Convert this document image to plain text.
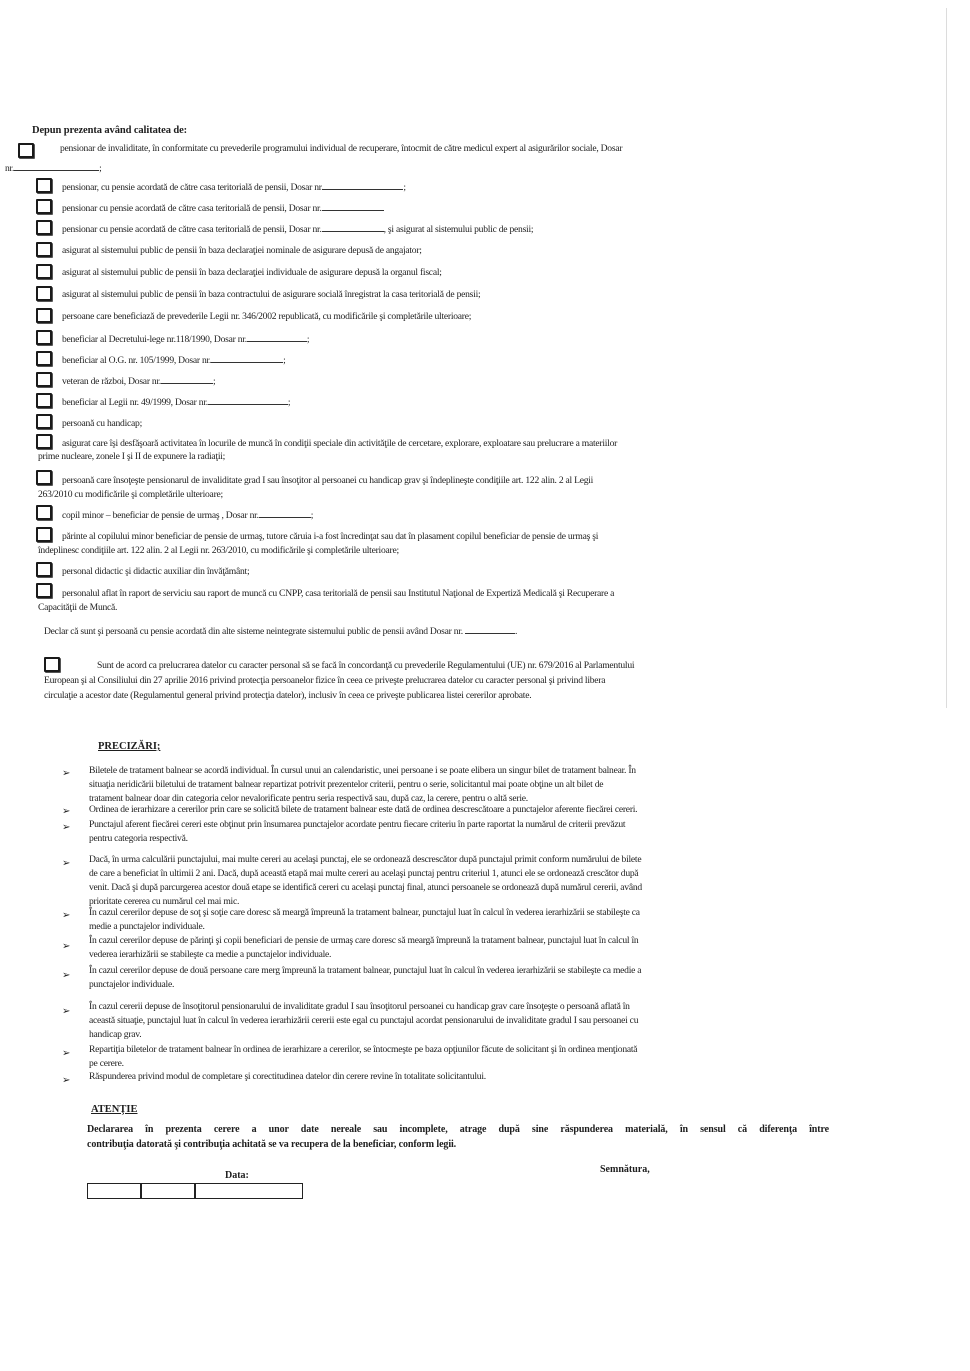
Depun prezenta având calitatea de:
pensionar de invaliditate, în conformitate cu prevederile programului individual de recuperare, întocmit de către medicul expert al asigurărilor sociale, Dosar
nr.	;
pensionar, cu pensie acordată de către casa teritorială de pensii, Dosar nr.	;
pensionar cu pensie acordată de către casa teritorială de pensii, Dosar nr.
pensionar cu pensie acordată de către casa teritorială de pensii, Dosar nr.	, şi asigurat al sistemului public de pensii;
asigurat al sistemului public de pensii în baza declaraţiei nominale de asigurare depusă de angajator;
asigurat al sistemului public de pensii în baza declaraţiei individuale de asigurare depusă la organul fiscal;
asigurat al sistemului public de pensii în baza contractului de asigurare socială înregistrat la casa teritorială de pensii;
persoane care beneficiază de prevederile Legii nr. 346/2002 republicată, cu modificările şi completările ulterioare;
beneficiar al Decretului-lege nr.118/1990, Dosar nr.	;
beneficiar al O.G. nr. 105/1999, Dosar nr.	;
veteran de război, Dosar nr.	;
beneficiar al Legii nr. 49/1999, Dosar nr.	;
persoană cu handicap;
asigurat care îşi desfăşoară activitatea în locurile de muncă în condiţii speciale din activităţile de cercetare, explorare, exploatare sau prelucrare a materiilor
prime nucleare, zonele I şi II de expunere la radiaţii;
persoană care însoţeşte pensionarul de invaliditate grad I sau însoţitor al persoanei cu handicap grav şi îndeplineşte condiţiile art. 122 alin. 2 al Legii
263/2010 cu modificările şi completările ulterioare;
copil minor – beneficiar de pensie de urmaş , Dosar nr.	;
părinte al copilului minor beneficiar de pensie de urmaş, tutore căruia i-a fost încredinţat sau dat în plasament copilul beneficiar de pensie de urmaş şi
îndeplinesc condiţiile art. 122 alin. 2 al Legii nr. 263/2010, cu modificările şi completările ulterioare;
personal didactic şi didactic auxiliar din învăţământ;
personalul aflat în raport de serviciu sau raport de muncă cu CNPP, casa teritorială de pensii sau Institutul Naţional de Expertiză Medicală şi Recuperare a
Capacităţii de Muncă.
Declar că sunt şi persoană cu pensie acordată din alte sisteme neintegrate sistemului public de pensii având Dosar nr.	.
Sunt de acord ca prelucrarea datelor cu caracter personal să se facă în concordanţă cu prevederile Regulamentului (UE) nr. 679/2016 al Parlamentului
European şi al Consiliului din 27 aprilie 2016 privind protecţia persoanelor fizice în ceea ce priveşte prelucrarea datelor cu caracter personal şi privind libera
circulaţie a acestor date (Regulamentul general privind protecţia datelor), inclusiv în ceea ce priveşte publicarea listei cererilor aprobate.
PRECIZĂRI;
➢ Biletele de tratament balnear se acordă individual. În cursul unui an calendaristic, unei persoane i se poate elibera un singur bilet de tratament balnear. În
situaţia neridicării biletului de tratament balnear repartizat potrivit prezentelor criterii, pentru o serie, solicitantul mai poate obţine un alt bilet de
tratament balnear doar din categoria celor nevalorificate pentru seria respectivă sau, după caz, la cerere, pentru o altă serie.
➢ Ordinea de ierarhizare a cererilor prin care se solicită bilete de tratament balnear este dată de ordinea descrescătoare a punctajelor aferente fiecărei cereri.
➢ Punctajul aferent fiecărei cereri este obţinut prin însumarea punctajelor acordate pentru fiecare criteriu în parte raportat la numărul de criterii prevăzut
pentru categoria respectivă.
➢ Dacă, în urma calculării punctajului, mai multe cereri au acelaşi punctaj, ele se ordonează descrescător după punctajul primit conform numărului de bilete
de care a beneficiat în ultimii 2 ani. Dacă, după această etapă mai multe cereri au acelaşi punctaj pentru criteriul 1, atunci ele se ordonează crescător după
venit. Dacă şi după parcurgerea acestor două etape se identifică cereri cu acelaşi punctaj final, atunci persoanele se ordonează după numărul cererii, având
prioritate cererea cu numărul cel mai mic.
➢ În cazul cererilor depuse de soţ şi soţie care doresc să meargă împreună la tratament balnear, punctajul luat în calcul în vederea ierarhizării se stabileşte ca
medie a punctajelor individuale.
➢
În cazul cererilor depuse de părinţi şi copii beneficiari de pensie de urmaş care doresc să meargă împreună la tratament balnear, punctajul luat în calcul în
vederea ierarhizării se stabileşte ca medie a punctajelor individuale.
➢ În cazul cererilor depuse de două persoane care merg împreună la tratament balnear, punctajul luat în calcul în vederea ierarhizării se stabileşte ca medie a
punctajelor individuale.
➢ În cazul cererii depuse de însoţitorul pensionarului de invaliditate gradul I sau însoţitorul persoanei cu handicap grav care însoţeşte o persoană aflată în
această situaţie, punctajul luat în calcul în vederea ierarhizării cererii este egal cu punctajul acordat pensionarului de invaliditate gradul I sau persoanei cu
handicap grav.
➢ Repartiţia biletelor de tratament balnear în ordinea de ierarhizare a cererilor, se întocmeşte pe baza opţiunilor făcute de solicitant şi în ordinea menţionată
pe cerere.
➢ Răspunderea privind modul de completare şi corectitudinea datelor din cerere revine în totalitate solicitantului.
ATENŢIE
Declararea în prezenta cerere a unor date nereale sau incomplete, atrage după sine răspunderea materială, în sensul că diferenţa între
contribuţia datorată şi contribuţia achitată se va recupera de la beneficiar, conform legii.
Data:
Semnătura,
